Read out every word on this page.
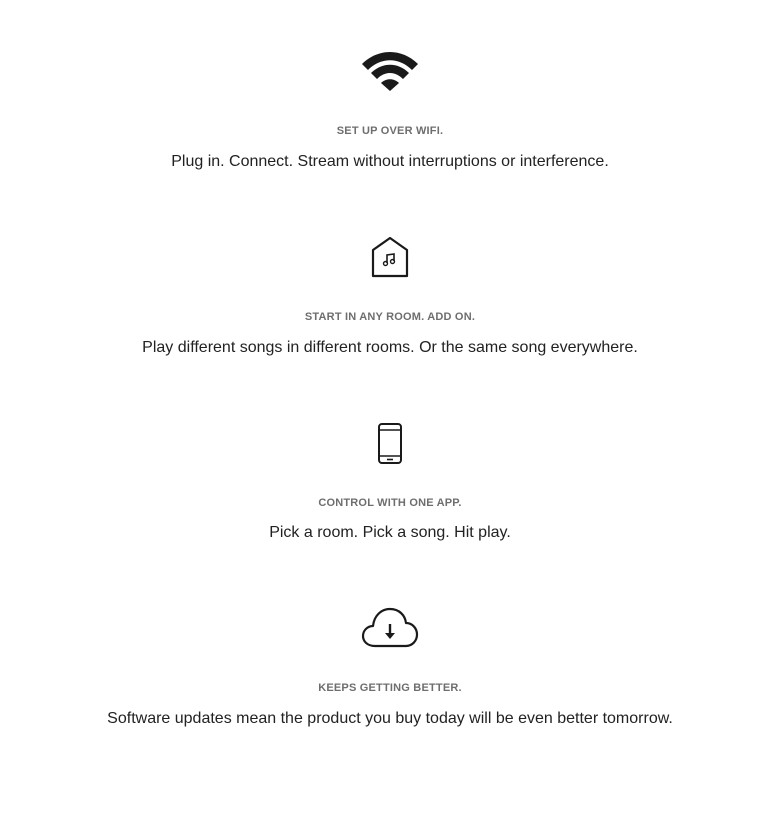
SET UP OVER WIFI.
Plug in. Connect. Stream without interruptions or interference.
START IN ANY ROOM. ADD ON.
Play different songs in different rooms. Or the same song everywhere.
CONTROL WITH ONE APP.
Pick a room. Pick a song. Hit play.
KEEPS GETTING BETTER.
Software updates mean the product you buy today will be even better tomorrow.
